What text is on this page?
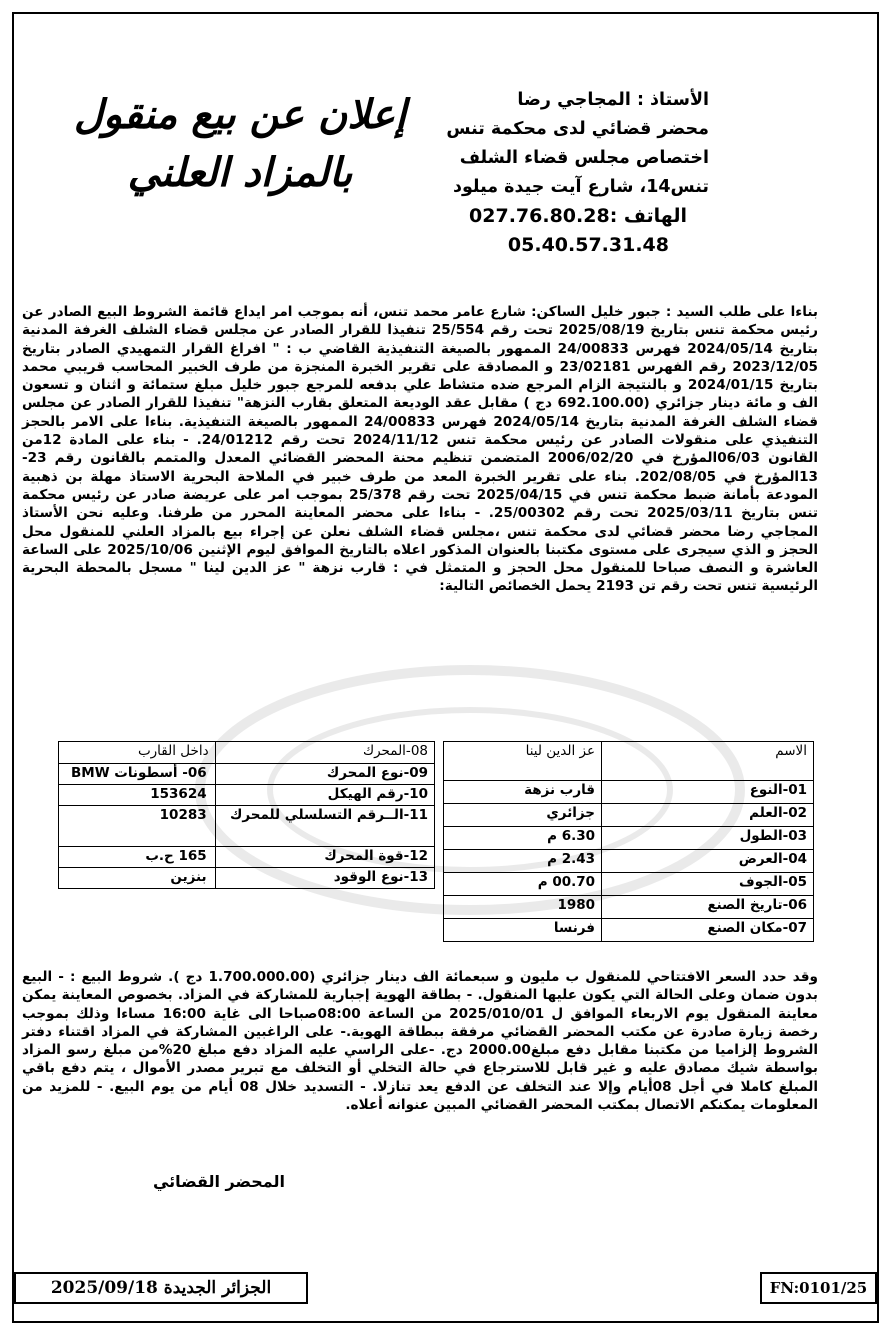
الأستاذ : المجاجي رضا
محضر قضائي لدى محكمة تنس
اختصاص مجلس قضاء الشلف
تنس14، شارع آيت جيدة ميلود
الهاتف :027.76.80.28
05.40.57.31.48
إعلان عن بيع منقول
بالمزاد العلني
بناءا على طلب السيد : جبور خليل الساكن: شارع عامر محمد تنس، أنه بموجب امر ايداع قائمة الشروط البيع الصادر عن رئيس محكمة تنس بتاريخ 2025/08/19 تحت رقم 25/554 تنفيذا للقرار الصادر عن مجلس قضاء الشلف الغرفة المدنية بتاريخ 2024/05/14 فهرس 24/00833 الممهور بالصيغة التنفيذية القاضي ب : " افراغ القرار التمهيدي الصادر بتاريخ 2023/12/05 رقم الفهرس 23/02181 و المصادقة على تقرير الخبرة المنجزة من طرف الخبير المحاسب قريبي محمد بتاريخ 2024/01/15 و بالنتيجة الزام المرجع ضده متشاط علي بدفعه للمرجع جبور خليل مبلغ ستمائة و اثنان و تسعون الف و مائة دينار جزائري (692.100.00 دج ) مقابل عقد الوديعة المتعلق بقارب النزهة" تنفيذا للقرار الصادر عن مجلس قضاء الشلف الغرفة المدنية بتاريخ 2024/05/14 فهرس 24/00833 الممهور بالصيغة التنفيذية. بناءا على الامر بالحجز التنفيذي على منقولات الصادر عن رئيس محكمة تنس 2024/11/12 تحت رقم 24/01212. - بناء على المادة 12من القانون 06/03المؤرخ في 2006/02/20 المتضمن تنظيم محنة المحضر القضائي المعدل والمتمم بالقانون رقم 23-13المؤرخ في 202/08/05. بناء على تقرير الخبرة المعد من طرف خبير في الملاحة البحرية الاستاذ مهلة بن ذهبية المودعة بأمانة ضبط محكمة تنس في 2025/04/15 تحت رقم 25/378 بموجب امر على عريضة صادر عن رئيس محكمة تنس بتاريخ 2025/03/11 تحت رقم 25/00302. - بناءا على محضر المعاينة المحرر من طرفنا. وعليه نحن الأستاذ المجاجي رضا محضر قضائي لدى محكمة تنس ،مجلس قضاء الشلف نعلن عن إجراء بيع بالمزاد العلني للمنقول محل الحجز و الذي سيجرى على مستوى مكتبنا بالعنوان المذكور اعلاه بالتاريخ الموافق ليوم الإثنين 2025/10/06 على الساعة العاشرة و النصف صباحا للمنقول محل الحجز و المتمثل في : قارب نزهة " عز الدين لينا " مسجل بالمحطة البحرية الرئيسية تنس تحت رقم تن 2193 يحمل الخصائص التالية:
الاسم	عز الدين لينا
01-النوع	قارب نزهة
02-العلم	جزائري
03-الطول	6.30 م
04-العرض	2.43 م
05-الجوف	00.70 م
06-تاريخ الصنع	1980
07-مكان الصنع	فرنسا
08-المحرك	داخل القارب
09-نوع المحرك	06- أسطونات BMW
10-رقم الهيكل	153624
11-الــرقم التسلسلي للمحرك	10283
12-قوة المحرك	165 ح.ب
13-نوع الوقود	بنزين
وقد حدد السعر الافتتاحي للمنقول ب مليون و سبعمائة الف دينار جزائري (1.700.000.00 دج ). شروط البيع : - البيع بدون ضمان وعلى الحالة التي يكون عليها المنقول. - بطاقة الهوية إجبارية للمشاركة في المزاد. بخصوص المعاينة يمكن معاينة المنقول يوم الاربعاء الموافق ل 2025/010/01 من الساعة 08:00صباحا الى غاية 16:00 مساءا وذلك بموجب رخصة زيارة صادرة عن مكتب المحضر القضائي مرفقة ببطاقة الهوية.- على الراغبين المشاركة في المزاد اقتناء دفتر الشروط إلزاميا من مكتبنا مقابل دفع مبلغ2000.00 دج. -على الراسي عليه المزاد دفع مبلغ 20%من مبلغ رسو المزاد بواسطة شيك مصادق عليه و غير قابل للاسترجاع في حالة التخلي أو التخلف مع تبرير مصدر الأموال ، يتم دفع باقي المبلغ كاملا في أجل 08أيام وإلا عند التخلف عن الدفع يعد تنازلا. - التسديد خلال 08 أيام من يوم البيع. - للمزيد من المعلومات يمكنكم الاتصال بمكتب المحضر القضائي المبين عنوانه أعلاه.
المحضر القضائي
الجزائر الجديدة 2025/09/18	FN:0101/25
